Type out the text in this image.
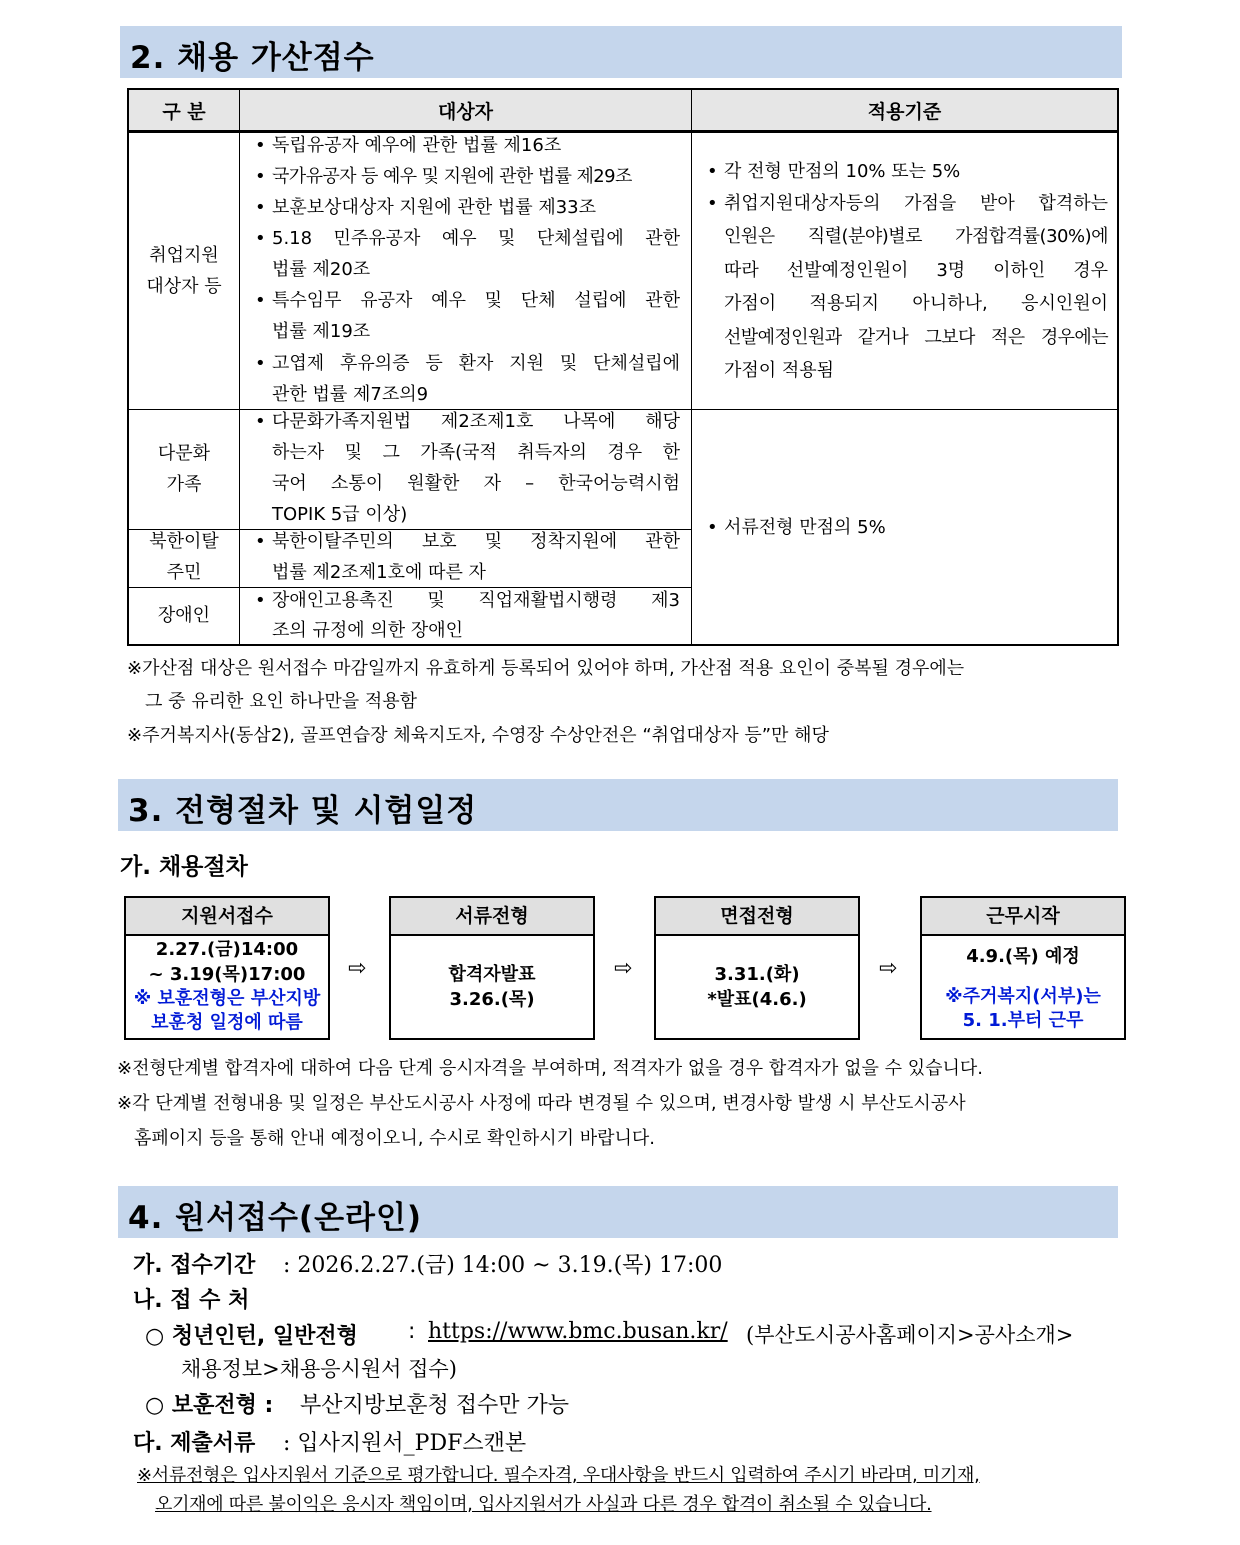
2. 채용 가산점수
구 분	대상자	적용기준
취업지원
대상자 등
• 독립유공자 예우에 관한 법률 제16조
• 국가유공자 등 예우 및 지원에 관한 법률 제29조
• 보훈보상대상자 지원에 관한 법률 제33조
• 5.18 민주유공자 예우 및 단체설립에 관한
법률 제20조
• 특수임무 유공자 예우 및 단체 설립에 관한
법률 제19조
• 고엽제 후유의증 등 환자 지원 및 단체설립에
관한 법률 제7조의9
• 각 전형 만점의 10% 또는 5%
• 취업지원대상자등의 가점을 받아 합격하는
인원은 직렬(분야)별로 가점합격률(30%)에
따라 선발예정인원이 3명 이하인 경우
가점이 적용되지 아니하나, 응시인원이
선발예정인원과 같거나 그보다 적은 경우에는
가점이 적용됨
다문화
가족
• 다문화가족지원법 제2조제1호 나목에 해당
하는자 및 그 가족(국적 취득자의 경우 한
국어 소통이 원활한 자 – 한국어능력시험
TOPIK 5급 이상)
북한이탈
주민
• 북한이탈주민의 보호 및 정착지원에 관한
법률 제2조제1호에 따른 자
장애인
• 장애인고용촉진 및 직업재활법시행령 제3
조의 규정에 의한 장애인
• 서류전형 만점의 5%
※가산점 대상은 원서접수 마감일까지 유효하게 등록되어 있어야 하며, 가산점 적용 요인이 중복될 경우에는
그 중 유리한 요인 하나만을 적용함
※주거복지사(동삼2), 골프연습장 체육지도자, 수영장 수상안전은 “취업대상자 등”만 해당
3. 전형절차 및 시험일정
가. 채용절차
지원서접수
2.27.(금)14:00
~ 3.19(목)17:00
※ 보훈전형은 부산지방
보훈청 일정에 따름
⇨
서류전형
합격자발표
3.26.(목)
⇨
면접전형
3.31.(화)
*발표(4.6.)
⇨
근무시작
4.9.(목) 예정
※주거복지(서부)는
5. 1.부터 근무
※전형단계별 합격자에 대하여 다음 단계 응시자격을 부여하며, 적격자가 없을 경우 합격자가 없을 수 있습니다.
※각 단계별 전형내용 및 일정은 부산도시공사 사정에 따라 변경될 수 있으며, 변경사항 발생 시 부산도시공사
홈페이지 등을 통해 안내 예정이오니, 수시로 확인하시기 바랍니다.
4. 원서접수(온라인)
가. 접수기간 : 2026.2.27.(금) 14:00 ~ 3.19.(목) 17:00
나. 접 수 처
○ 청년인턴, 일반전형 : https://www.bmc.busan.kr/ (부산도시공사홈페이지>공사소개>
채용정보>채용응시원서 접수)
○ 보훈전형 : 부산지방보훈청 접수만 가능
다. 제출서류 : 입사지원서_PDF스캔본
※서류전형은 입사지원서 기준으로 평가합니다. 필수자격, 우대사항을 반드시 입력하여 주시기 바라며, 미기재,
오기재에 따른 불이익은 응시자 책임이며, 입사지원서가 사실과 다른 경우 합격이 취소될 수 있습니다.
